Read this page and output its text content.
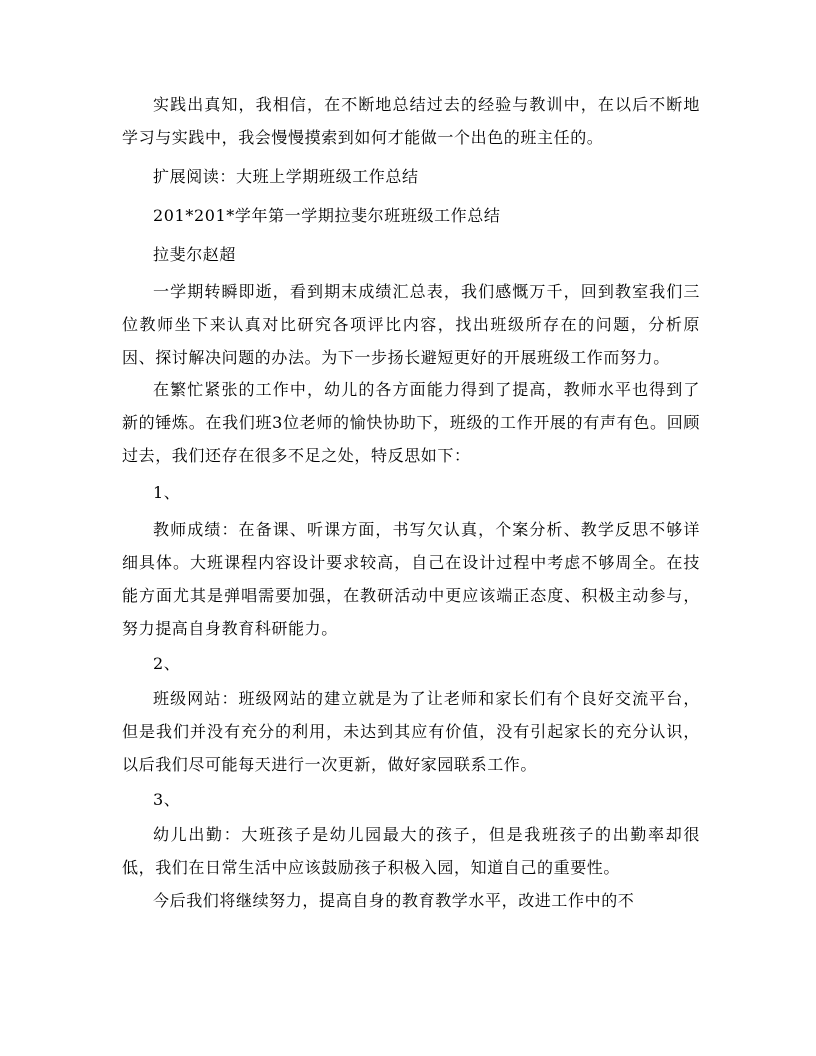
实践出真知，我相信，在不断地总结过去的经验与教训中，在以后不断地学习与实践中，我会慢慢摸索到如何才能做一个出色的班主任的。

扩展阅读：大班上学期班级工作总结

201*201*学年第一学期拉斐尔班班级工作总结

拉斐尔赵超

一学期转瞬即逝，看到期末成绩汇总表，我们感慨万千，回到教室我们三位教师坐下来认真对比研究各项评比内容，找出班级所存在的问题，分析原因、探讨解决问题的办法。为下一步扬长避短更好的开展班级工作而努力。

在繁忙紧张的工作中，幼儿的各方面能力得到了提高，教师水平也得到了新的锤炼。在我们班3位老师的愉快协助下，班级的工作开展的有声有色。回顾过去，我们还存在很多不足之处，特反思如下：

1、

教师成绩：在备课、听课方面，书写欠认真，个案分析、教学反思不够详细具体。大班课程内容设计要求较高，自己在设计过程中考虑不够周全。在技能方面尤其是弹唱需要加强，在教研活动中更应该端正态度、积极主动参与，努力提高自身教育科研能力。

2、

班级网站：班级网站的建立就是为了让老师和家长们有个良好交流平台，但是我们并没有充分的利用，未达到其应有价值，没有引起家长的充分认识，以后我们尽可能每天进行一次更新，做好家园联系工作。

3、

幼儿出勤：大班孩子是幼儿园最大的孩子，但是我班孩子的出勤率却很低，我们在日常生活中应该鼓励孩子积极入园，知道自己的重要性。

今后我们将继续努力，提高自身的教育教学水平，改进工作中的不
